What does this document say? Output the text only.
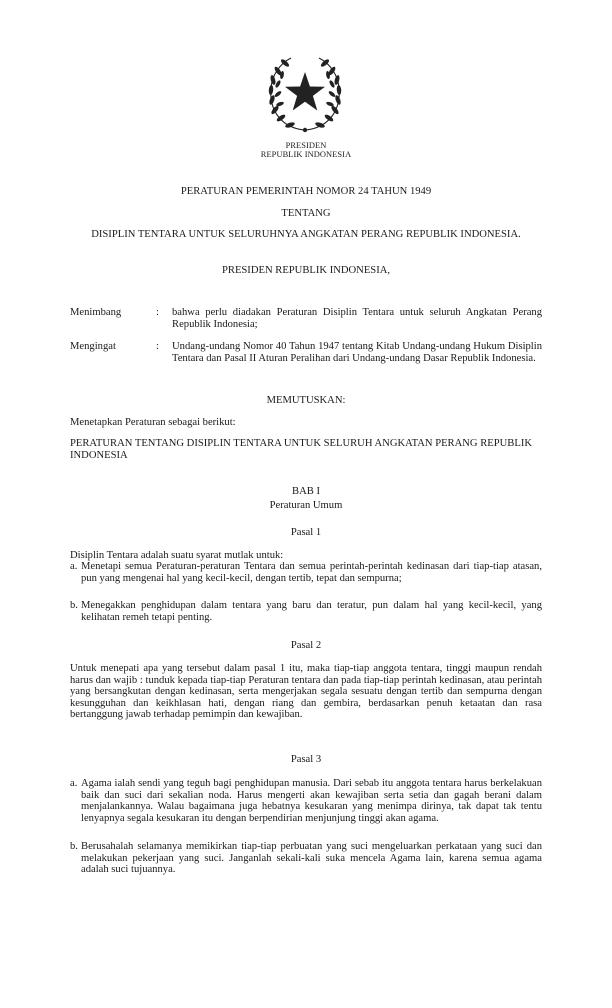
PRESIDEN
REPUBLIK INDONESIA
PERATURAN PEMERINTAH NOMOR 24 TAHUN 1949
TENTANG
DISIPLIN TENTARA UNTUK SELURUHNYA ANGKATAN PERANG REPUBLIK INDONESIA.
PRESIDEN REPUBLIK INDONESIA,
Menimbang	: bahwa perlu diadakan Peraturan Disiplin Tentara untuk seluruh Angkatan Perang Republik Indonesia;
Mengingat	: Undang-undang Nomor 40 Tahun 1947 tentang Kitab Undang-undang Hukum Disiplin Tentara dan Pasal II Aturan Peralihan dari Undang-undang Dasar Republik Indonesia.
MEMUTUSKAN:
Menetapkan Peraturan sebagai berikut:
PERATURAN TENTANG DISIPLIN TENTARA UNTUK SELURUH ANGKATAN PERANG REPUBLIK INDONESIA
BAB I
Peraturan Umum
Pasal 1
Disiplin Tentara adalah suatu syarat mutlak untuk:
a. Menetapi semua Peraturan-peraturan Tentara dan semua perintah-perintah kedinasan dari tiap-tiap atasan, pun yang mengenai hal yang kecil-kecil, dengan tertib, tepat dan sempurna;
b. Menegakkan penghidupan dalam tentara yang baru dan teratur, pun dalam hal yang kecil-kecil, yang kelihatan remeh tetapi penting.
Pasal 2
Untuk menepati apa yang tersebut dalam pasal 1 itu, maka tiap-tiap anggota tentara, tinggi maupun rendah harus dan wajib : tunduk kepada tiap-tiap Peraturan tentara dan pada tiap-tiap perintah kedinasan, atau perintah yang bersangkutan dengan kedinasan, serta mengerjakan segala sesuatu dengan tertib dan sempurna dengan kesungguhan dan keikhlasan hati, dengan riang dan gembira, berdasarkan penuh ketaatan dan rasa bertanggung jawab terhadap pemimpin dan kewajiban.
Pasal 3
a. Agama ialah sendi yang teguh bagi penghidupan manusia. Dari sebab itu anggota tentara harus berkelakuan baik dan suci dari sekalian noda. Harus mengerti akan kewajiban serta setia dan gagah berani dalam menjalankannya. Walau bagaimana juga hebatnya kesukaran yang menimpa dirinya, tak dapat tak tentu lenyapnya segala kesukaran itu dengan berpendirian menjunjung tinggi akan agama.
b. Berusahalah selamanya memikirkan tiap-tiap perbuatan yang suci mengeluarkan perkataan yang suci dan melakukan pekerjaan yang suci. Janganlah sekali-kali suka mencela Agama lain, karena semua agama adalah suci tujuannya.
